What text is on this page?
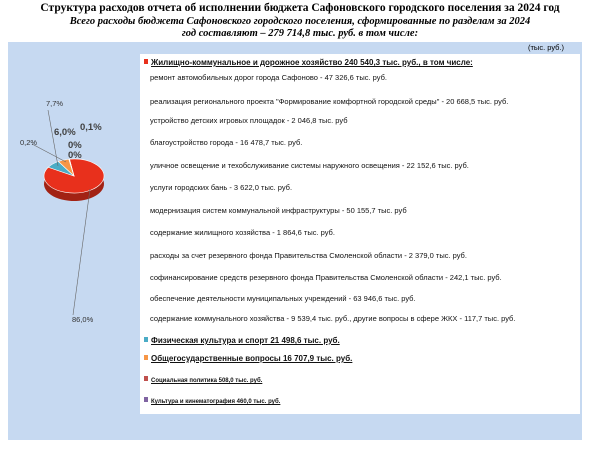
Структура расходов отчета об исполнении бюджета Сафоновского городского поселения за 2024 год
Всего расходы бюджета Сафоновского городского поселения, сформированные по разделам за 2024
год составляют – 279 714,8 тыс. руб. в том числе:
(тыс. руб.)
86,0%
7,7%
6,0%
0,2%
0,1%
0%
0%
Жилищно-коммунальное и дорожное хозяйство 240 540,3 тыс. руб., в том числе:
ремонт автомобильных дорог города Сафоново - 47 326,6 тыс. руб.
реализация регионального проекта "Формирование комфортной городской среды" - 20 668,5 тыс. руб.
устройство детских игровых площадок - 2 046,8 тыс. руб
благоустройство города - 16 478,7 тыс. руб.
уличное освещение и техобслуживание системы наружного освещения - 22 152,6 тыс. руб.
услуги городских бань - 3 622,0 тыс. руб.
модернизация систем коммунальной инфраструктуры - 50 155,7 тыс. руб
содержание жилищного хозяйства - 1 864,6 тыс. руб.
расходы за счет резервного фонда Правительства Смоленской области - 2 379,0 тыс. руб.
софинансирование средств резервного фонда Правительства Смоленской области - 242,1 тыс. руб.
обеспечение деятельности муниципальных учреждений - 63 946,6 тыс. руб.
содержание коммунального хозяйства - 9 539,4 тыс. руб., другие вопросы в сфере ЖКХ - 117,7 тыс. руб.
Физическая культура и спорт 21 498,6 тыс. руб.
Общегосударственные вопросы 16 707,9 тыс. руб.
Социальная политика 508,0 тыс. руб.
Культура и кинематография 460,0 тыс. руб.
